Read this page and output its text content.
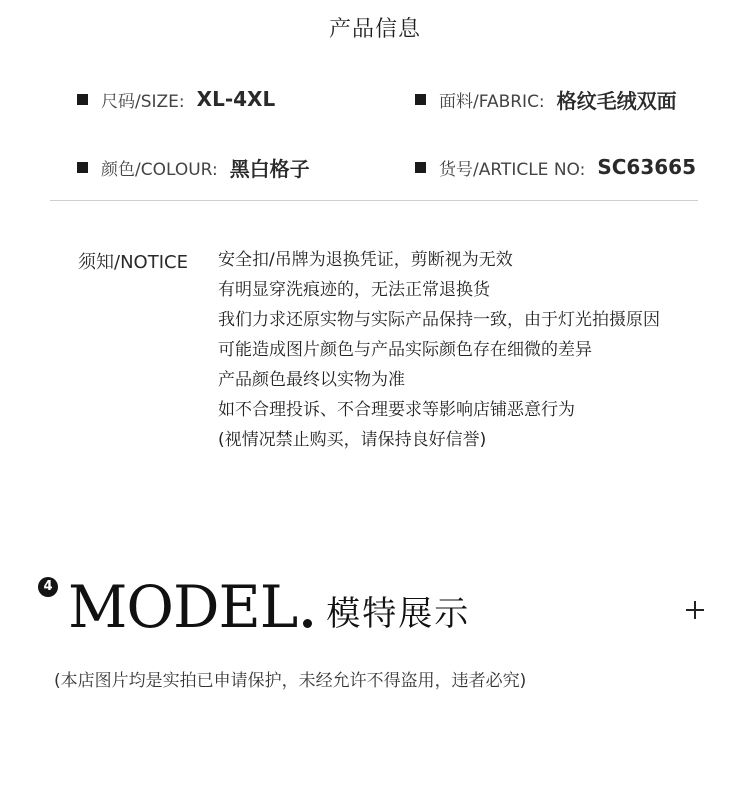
产品信息
尺码/SIZE: XL-4XL	面料/FABRIC: 格纹毛绒双面
颜色/COLOUR: 黑白格子	货号/ARTICLE NO: SC63665
须知/NOTICE 安全扣/吊牌为退换凭证，剪断视为无效
有明显穿洗痕迹的，无法正常退换货
我们力求还原实物与实际产品保持一致，由于灯光拍摄原因
可能造成图片颜色与产品实际颜色存在细微的差异
产品颜色最终以实物为准
如不合理投诉、不合理要求等影响店铺恶意行为
(视情况禁止购买，请保持良好信誉)
4 MODEL 模特展示
(本店图片均是实拍已申请保护，未经允许不得盗用，违者必究)
